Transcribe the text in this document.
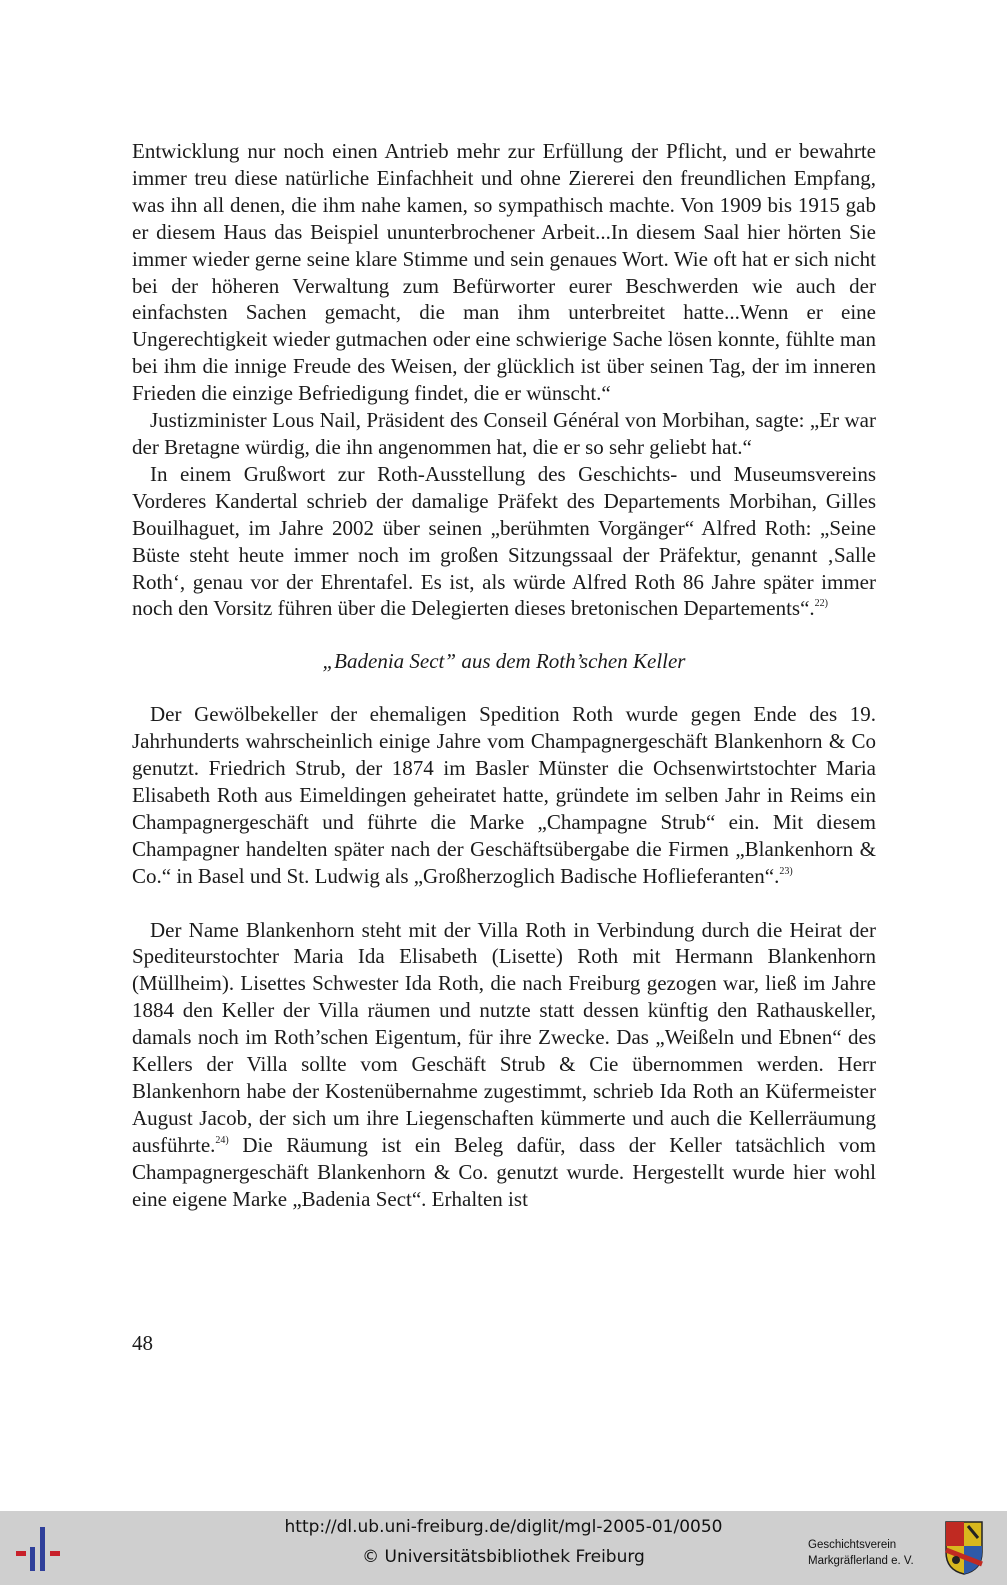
Entwicklung nur noch einen Antrieb mehr zur Erfüllung der Pflicht, und er bewahrte immer treu diese natürliche Einfachheit und ohne Ziererei den freundlichen Empfang, was ihn all denen, die ihm nahe kamen, so sympathisch machte. Von 1909 bis 1915 gab er diesem Haus das Beispiel ununterbrochener Arbeit...In diesem Saal hier hörten Sie immer wieder gerne seine klare Stimme und sein genaues Wort. Wie oft hat er sich nicht bei der höheren Verwaltung zum Befürworter eurer Beschwerden wie auch der einfachsten Sachen gemacht, die man ihm unterbreitet hatte...Wenn er eine Ungerechtigkeit wieder gutmachen oder eine schwierige Sache lösen konnte, fühlte man bei ihm die innige Freude des Weisen, der glücklich ist über seinen Tag, der im inneren Frieden die einzige Befriedigung findet, die er wünscht.“

Justizminister Lous Nail, Präsident des Conseil Général von Morbihan, sagte: „Er war der Bretagne würdig, die ihn angenommen hat, die er so sehr geliebt hat.“

In einem Grußwort zur Roth-Ausstellung des Geschichts- und Museumsvereins Vorderes Kandertal schrieb der damalige Präfekt des Departements Morbihan, Gilles Bouilhaguet, im Jahre 2002 über seinen „berühmten Vorgänger“ Alfred Roth: „Seine Büste steht heute immer noch im großen Sitzungssaal der Präfektur, genannt ‚Salle Roth‘, genau vor der Ehrentafel. Es ist, als würde Alfred Roth 86 Jahre später immer noch den Vorsitz führen über die Delegierten dieses bretonischen Departements“.$^{22)}$

„Badenia Sect” aus dem Roth’schen Keller

Der Gewölbekeller der ehemaligen Spedition Roth wurde gegen Ende des 19. Jahrhunderts wahrscheinlich einige Jahre vom Champagnergeschäft Blankenhorn & Co genutzt. Friedrich Strub, der 1874 im Basler Münster die Ochsenwirtstochter Maria Elisabeth Roth aus Eimeldingen geheiratet hatte, gründete im selben Jahr in Reims ein Champagnergeschäft und führte die Marke „Champagne Strub“ ein. Mit diesem Champagner handelten später nach der Geschäftsübergabe die Firmen „Blankenhorn & Co.“ in Basel und St. Ludwig als „Großherzoglich Badische Hoflieferanten“.$^{23)}$

Der Name Blankenhorn steht mit der Villa Roth in Verbindung durch die Heirat der Spediteurstochter Maria Ida Elisabeth (Lisette) Roth mit Hermann Blankenhorn (Müllheim). Lisettes Schwester Ida Roth, die nach Freiburg gezogen war, ließ im Jahre 1884 den Keller der Villa räumen und nutzte statt dessen künftig den Rathauskeller, damals noch im Roth’schen Eigentum, für ihre Zwecke. Das „Weißeln und Ebnen“ des Kellers der Villa sollte vom Geschäft Strub & Cie übernommen werden. Herr Blankenhorn habe der Kostenübernahme zugestimmt, schrieb Ida Roth an Küfermeister August Jacob, der sich um ihre Liegenschaften kümmerte und auch die Kellerräumung ausführte.$^{24)}$ Die Räumung ist ein Beleg dafür, dass der Keller tatsächlich vom Champagnergeschäft Blankenhorn & Co. genutzt wurde. Hergestellt wurde hier wohl eine eigene Marke „Badenia Sect“. Erhalten ist

48
http://dl.ub.uni-freiburg.de/diglit/mgl-2005-01/0050
© Universitätsbibliothek Freiburg
Geschichtsverein
Markgräflerland e. V.
